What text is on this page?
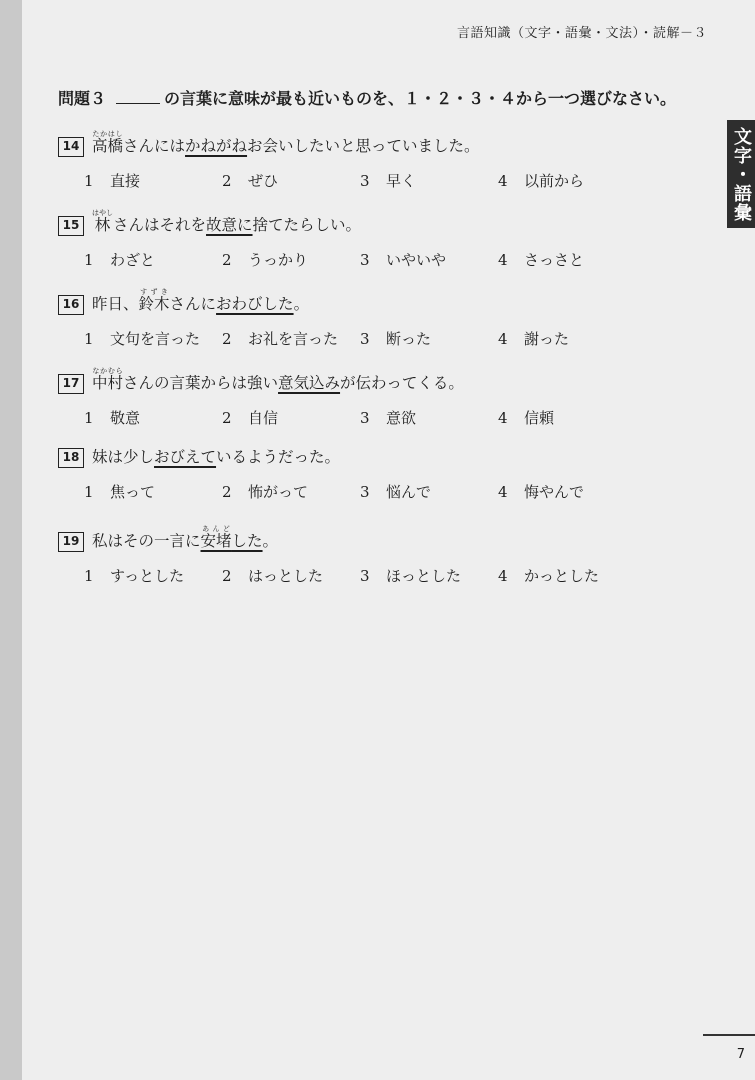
言語知識（文字・語彙・文法）・読解－３
文字・語彙
問題３	の言葉に意味が最も近いものを、１・２・３・４から一つ選びなさい。
14 高橋たかはし
さんには かねがね お会いしたいと思っていました。
1 直接	2 ぜひ	3 早く	4 以前から
15 林はやし
さんはそれを 故意に 捨てたらしい。
1 わざと	2 うっかり	3 いやいや	4 さっさと
16 昨日、 鈴木すずき
さんに おわびした 。
1 文句を言った 2 お礼を言った 3 断った	4 謝った
17 中村なかむら
さんの言葉からは強い 意気込み が伝わってくる。
1 敬意	2 自信	3 意欲	4 信頼
18 妹は少し おびえて いるようだった。
1 焦って	2 怖がって	3 悩んで	4 悔やんで
19 私はその一言に 安堵あんどした 。
1 すっとした	2 はっとした 3 ほっとした 4 かっとした
7
